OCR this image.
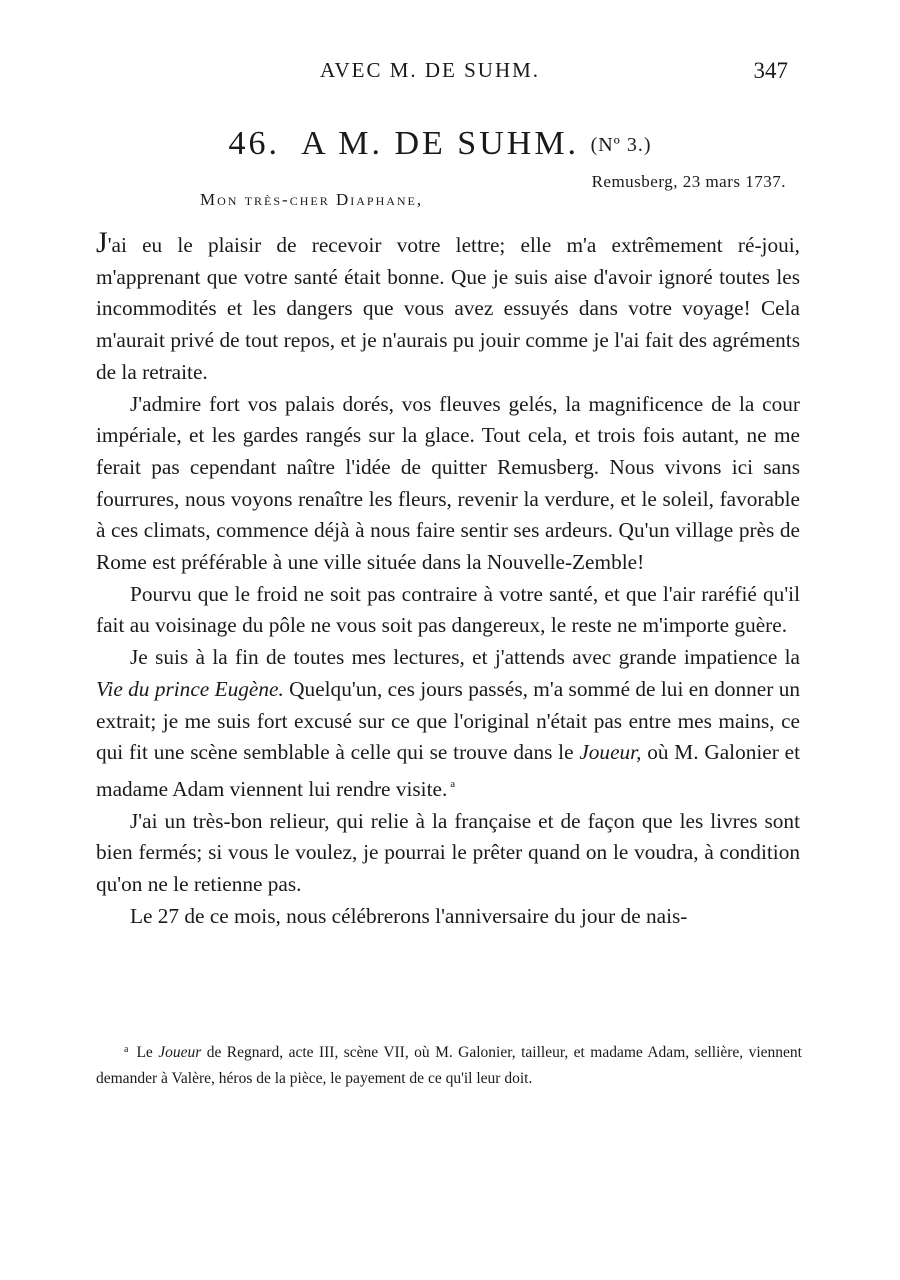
AVEC M. DE SUHM.	347
46.  A M. DE SUHM. (Nº 3.)
Remusberg, 23 mars 1737.
Mon très-cher Diaphane,

J'ai eu le plaisir de recevoir votre lettre; elle m'a extrêmement ré-joui, m'apprenant que votre santé était bonne. Que je suis aise d'avoir ignoré toutes les incommodités et les dangers que vous avez essuyés dans votre voyage! Cela m'aurait privé de tout repos, et je n'aurais pu jouir comme je l'ai fait des agréments de la retraite.

J'admire fort vos palais dorés, vos fleuves gelés, la magnificence de la cour impériale, et les gardes rangés sur la glace. Tout cela, et trois fois autant, ne me ferait pas cependant naître l'idée de quitter Remusberg. Nous vivons ici sans fourrures, nous voyons renaître les fleurs, revenir la verdure, et le soleil, favorable à ces climats, commence déjà à nous faire sentir ses ardeurs. Qu'un village près de Rome est préférable à une ville située dans la Nouvelle-Zemble!

Pourvu que le froid ne soit pas contraire à votre santé, et que l'air raréfié qu'il fait au voisinage du pôle ne vous soit pas dangereux, le reste ne m'importe guère.

Je suis à la fin de toutes mes lectures, et j'attends avec grande impatience la Vie du prince Eugène. Quelqu'un, ces jours passés, m'a sommé de lui en donner un extrait; je me suis fort excusé sur ce que l'original n'était pas entre mes mains, ce qui fit une scène semblable à celle qui se trouve dans le Joueur, où M. Galonier et madame Adam viennent lui rendre visite. $^a$

J'ai un très-bon relieur, qui relie à la française et de façon que les livres sont bien fermés; si vous le voulez, je pourrai le prêter quand on le voudra, à condition qu'on ne le retienne pas.

Le 27 de ce mois, nous célébrerons l'anniversaire du jour de nais-

$^a$ Le Joueur de Regnard, acte III, scène VII, où M. Galonier, tailleur, et madame Adam, sellière, viennent demander à Valère, héros de la pièce, le payement de ce qu'il leur doit.
